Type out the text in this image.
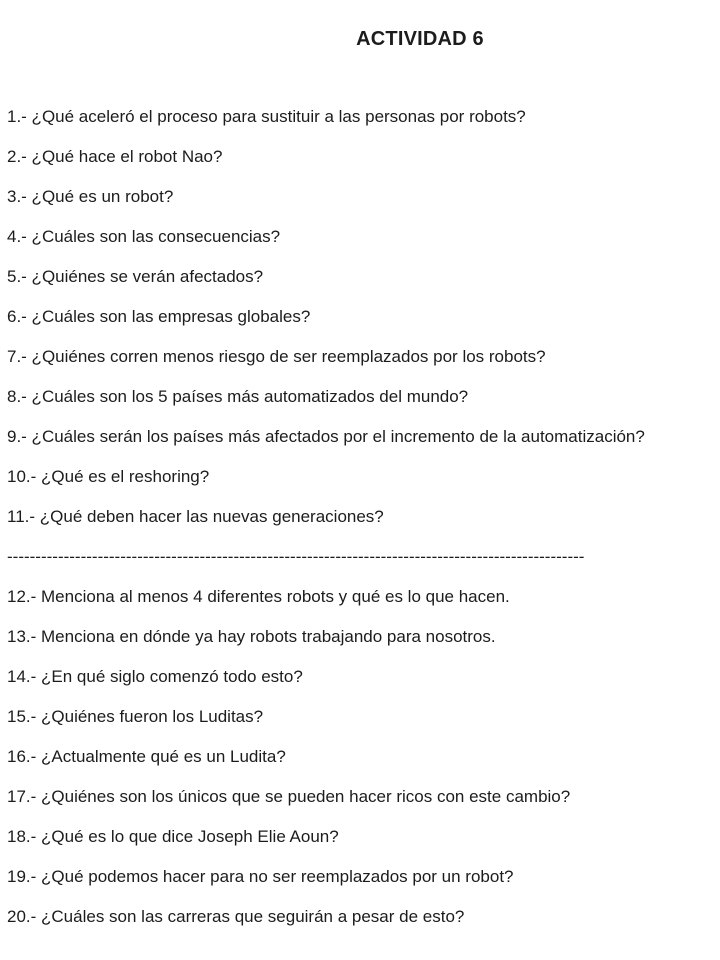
ACTIVIDAD 6
1.- ¿Qué aceleró el proceso para sustituir a las personas por robots?
2.- ¿Qué hace el robot Nao?
3.- ¿Qué es un robot?
4.- ¿Cuáles son las consecuencias?
5.- ¿Quiénes se verán afectados?
6.- ¿Cuáles son las empresas globales?
7.- ¿Quiénes corren menos riesgo de ser reemplazados por los robots?
8.- ¿Cuáles son los 5 países más automatizados del mundo?
9.- ¿Cuáles serán los países más afectados por el incremento de la automatización?
10.- ¿Qué es el reshoring?
11.- ¿Qué deben hacer las nuevas generaciones?
------------------------------------------------------------------------------------------------------
12.- Menciona al menos 4 diferentes robots y qué es lo que hacen.
13.- Menciona en dónde ya hay robots trabajando para nosotros.
14.- ¿En qué siglo comenzó todo esto?
15.- ¿Quiénes fueron los Luditas?
16.- ¿Actualmente qué es un Ludita?
17.- ¿Quiénes son los únicos que se pueden hacer ricos con este cambio?
18.- ¿Qué es lo que dice Joseph Elie Aoun?
19.- ¿Qué podemos hacer para no ser reemplazados por un robot?
20.- ¿Cuáles son las carreras que seguirán a pesar de esto?
